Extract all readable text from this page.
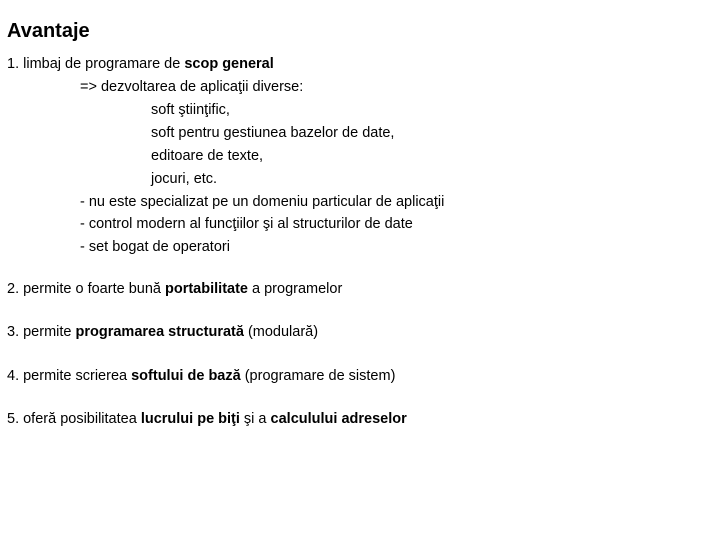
Avantaje

1. limbaj de programare de scop general

=> dezvoltarea de aplicaţii diverse:

soft ştiinţific,

soft pentru gestiunea bazelor de date,

editoare de texte,

jocuri, etc.

- nu este specializat pe un domeniu particular de aplicaţii

- control modern al funcţiilor şi al structurilor de date

- set bogat de operatori

2. permite o foarte bună portabilitate a programelor

3. permite programarea structurată (modulară)

4. permite scrierea softului de bază (programare de sistem)

5. oferă posibilitatea lucrului pe biţi şi a calculului adreselor
